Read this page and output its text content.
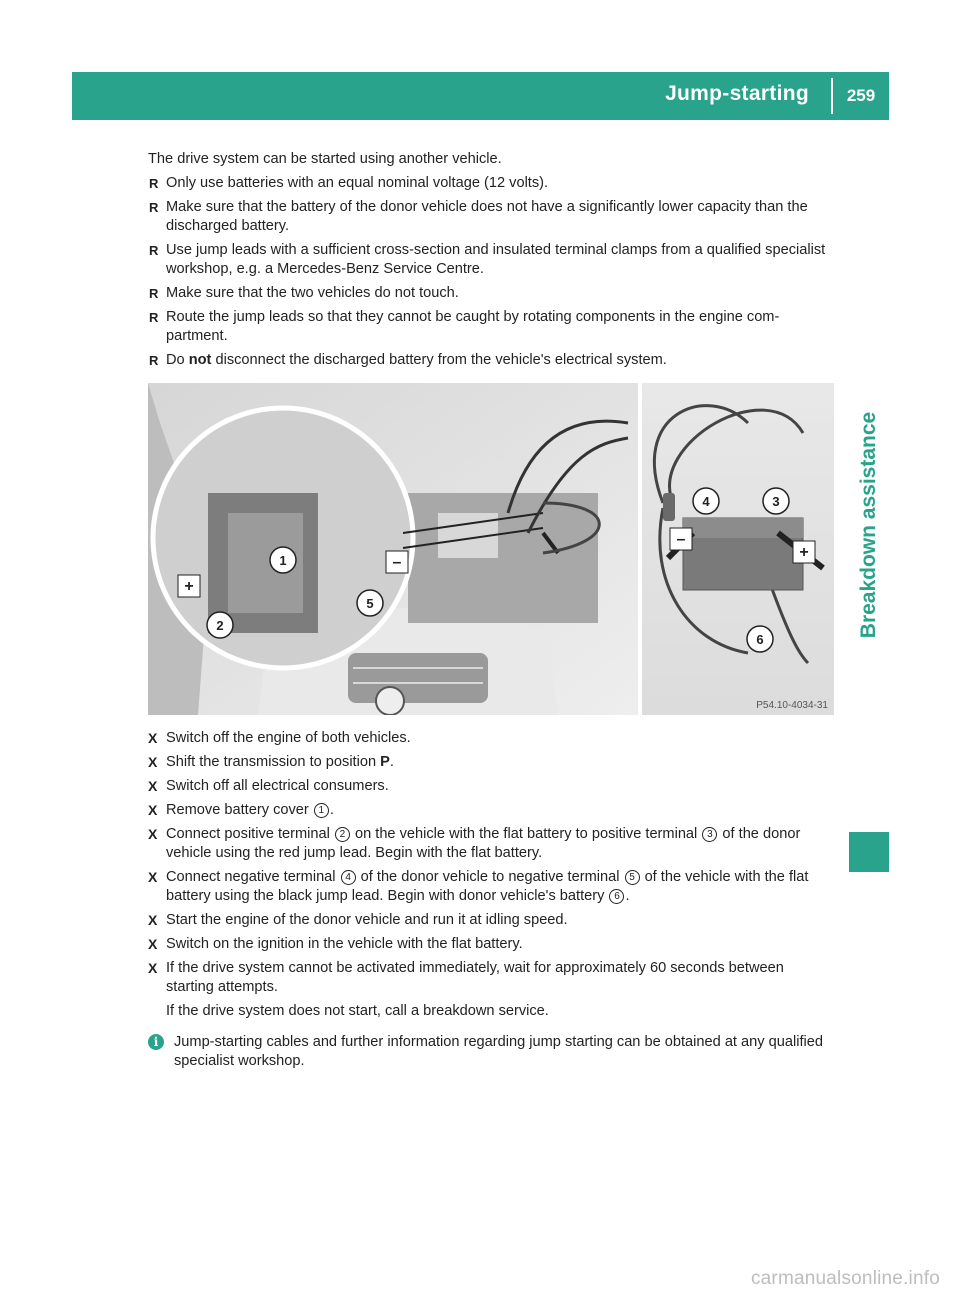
Jump-starting	259
Breakdown assistance

The drive system can be started using another vehicle.

R Only use batteries with an equal nominal voltage (12 volts).
R Make sure that the battery of the donor vehicle does not have a significantly lower capacity than the discharged battery.
R Use jump leads with a sufficient cross-section and insulated terminal clamps from a qualified specialist workshop, e.g. a Mercedes-Benz Service Centre.
R Make sure that the two vehicles do not touch.
R Route the jump leads so that they cannot be caught by rotating components in the engine com- partment.
R Do not disconnect the discharged battery from the vehicle's electrical system.
1
2
3
4
5
6
+
–
–
+
P54.10-4034-31
X Switch off the engine of both vehicles.
X Shift the transmission to position P.
X Switch off all electrical consumers.
X Remove battery cover 1 .
X Connect positive terminal 2 on the vehicle with the flat battery to positive terminal 3 of the donor vehicle using the red jump lead. Begin with the flat battery.
X Connect negative terminal 4 of the donor vehicle to negative terminal 5 of the vehicle with the flat battery using the black jump lead. Begin with donor vehicle's battery 6 .
X Start the engine of the donor vehicle and run it at idling speed.
X Switch on the ignition in the vehicle with the flat battery.
X If the drive system cannot be activated immediately, wait for approximately 60 seconds between starting attempts.

If the drive system does not start, call a breakdown service.

i	Jump-starting cables and further information regarding jump starting can be obtained at any qualified specialist workshop.
carmanualsonline.info
